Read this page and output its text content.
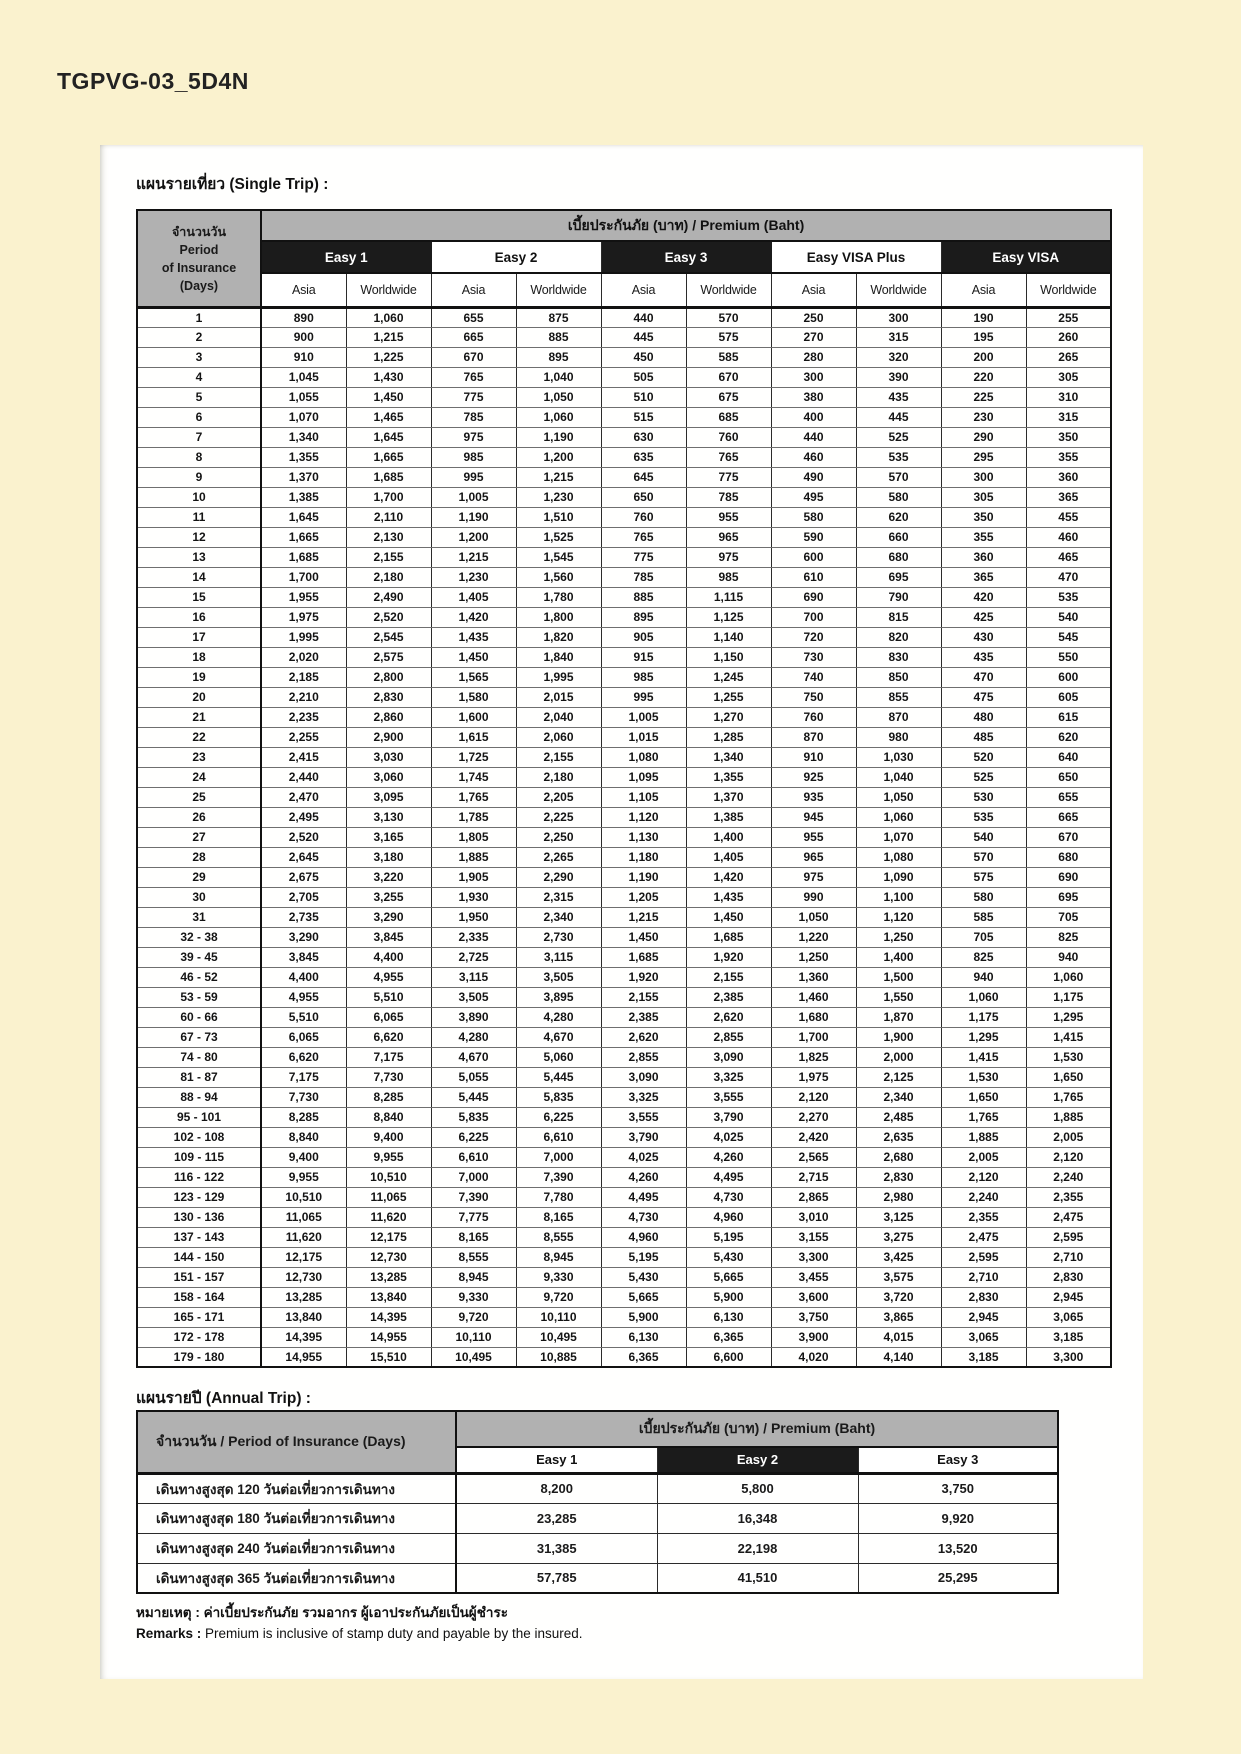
TGPVG-03_5D4N
แผนรายเที่ยว (Single Trip) :
จำนวนวัน
Period
of Insurance
(Days)	เบี้ยประกันภัย (บาท) / Premium (Baht)									
	Easy 1		Easy 2		Easy 3		Easy VISA Plus		Easy VISA	
	Asia	Worldwide	Asia	Worldwide	Asia	Worldwide	Asia	Worldwide	Asia	Worldwide
1	890	1,060	655	875	440	570	250	300	190	255
2	900	1,215	665	885	445	575	270	315	195	260
3	910	1,225	670	895	450	585	280	320	200	265
4	1,045	1,430	765	1,040	505	670	300	390	220	305
5	1,055	1,450	775	1,050	510	675	380	435	225	310
6	1,070	1,465	785	1,060	515	685	400	445	230	315
7	1,340	1,645	975	1,190	630	760	440	525	290	350
8	1,355	1,665	985	1,200	635	765	460	535	295	355
9	1,370	1,685	995	1,215	645	775	490	570	300	360
10	1,385	1,700	1,005	1,230	650	785	495	580	305	365
11	1,645	2,110	1,190	1,510	760	955	580	620	350	455
12	1,665	2,130	1,200	1,525	765	965	590	660	355	460
13	1,685	2,155	1,215	1,545	775	975	600	680	360	465
14	1,700	2,180	1,230	1,560	785	985	610	695	365	470
15	1,955	2,490	1,405	1,780	885	1,115	690	790	420	535
16	1,975	2,520	1,420	1,800	895	1,125	700	815	425	540
17	1,995	2,545	1,435	1,820	905	1,140	720	820	430	545
18	2,020	2,575	1,450	1,840	915	1,150	730	830	435	550
19	2,185	2,800	1,565	1,995	985	1,245	740	850	470	600
20	2,210	2,830	1,580	2,015	995	1,255	750	855	475	605
21	2,235	2,860	1,600	2,040	1,005	1,270	760	870	480	615
22	2,255	2,900	1,615	2,060	1,015	1,285	870	980	485	620
23	2,415	3,030	1,725	2,155	1,080	1,340	910	1,030	520	640
24	2,440	3,060	1,745	2,180	1,095	1,355	925	1,040	525	650
25	2,470	3,095	1,765	2,205	1,105	1,370	935	1,050	530	655
26	2,495	3,130	1,785	2,225	1,120	1,385	945	1,060	535	665
27	2,520	3,165	1,805	2,250	1,130	1,400	955	1,070	540	670
28	2,645	3,180	1,885	2,265	1,180	1,405	965	1,080	570	680
29	2,675	3,220	1,905	2,290	1,190	1,420	975	1,090	575	690
30	2,705	3,255	1,930	2,315	1,205	1,435	990	1,100	580	695
31	2,735	3,290	1,950	2,340	1,215	1,450	1,050	1,120	585	705
32 - 38	3,290	3,845	2,335	2,730	1,450	1,685	1,220	1,250	705	825
39 - 45	3,845	4,400	2,725	3,115	1,685	1,920	1,250	1,400	825	940
46 - 52	4,400	4,955	3,115	3,505	1,920	2,155	1,360	1,500	940	1,060
53 - 59	4,955	5,510	3,505	3,895	2,155	2,385	1,460	1,550	1,060	1,175
60 - 66	5,510	6,065	3,890	4,280	2,385	2,620	1,680	1,870	1,175	1,295
67 - 73	6,065	6,620	4,280	4,670	2,620	2,855	1,700	1,900	1,295	1,415
74 - 80	6,620	7,175	4,670	5,060	2,855	3,090	1,825	2,000	1,415	1,530
81 - 87	7,175	7,730	5,055	5,445	3,090	3,325	1,975	2,125	1,530	1,650
88 - 94	7,730	8,285	5,445	5,835	3,325	3,555	2,120	2,340	1,650	1,765
95 - 101	8,285	8,840	5,835	6,225	3,555	3,790	2,270	2,485	1,765	1,885
102 - 108	8,840	9,400	6,225	6,610	3,790	4,025	2,420	2,635	1,885	2,005
109 - 115	9,400	9,955	6,610	7,000	4,025	4,260	2,565	2,680	2,005	2,120
116 - 122	9,955	10,510	7,000	7,390	4,260	4,495	2,715	2,830	2,120	2,240
123 - 129	10,510	11,065	7,390	7,780	4,495	4,730	2,865	2,980	2,240	2,355
130 - 136	11,065	11,620	7,775	8,165	4,730	4,960	3,010	3,125	2,355	2,475
137 - 143	11,620	12,175	8,165	8,555	4,960	5,195	3,155	3,275	2,475	2,595
144 - 150	12,175	12,730	8,555	8,945	5,195	5,430	3,300	3,425	2,595	2,710
151 - 157	12,730	13,285	8,945	9,330	5,430	5,665	3,455	3,575	2,710	2,830
158 - 164	13,285	13,840	9,330	9,720	5,665	5,900	3,600	3,720	2,830	2,945
165 - 171	13,840	14,395	9,720	10,110	5,900	6,130	3,750	3,865	2,945	3,065
172 - 178	14,395	14,955	10,110	10,495	6,130	6,365	3,900	4,015	3,065	3,185
179 - 180	14,955	15,510	10,495	10,885	6,365	6,600	4,020	4,140	3,185	3,300
แผนรายปี (Annual Trip) :
จำนวนวัน / Period of Insurance (Days)	เบี้ยประกันภัย (บาท) / Premium (Baht)		
	Easy 1	Easy 2	Easy 3
เดินทางสูงสุด 120 วันต่อเที่ยวการเดินทาง	8,200	5,800	3,750
เดินทางสูงสุด 180 วันต่อเที่ยวการเดินทาง	23,285	16,348	9,920
เดินทางสูงสุด 240 วันต่อเที่ยวการเดินทาง	31,385	22,198	13,520
เดินทางสูงสุด 365 วันต่อเที่ยวการเดินทาง	57,785	41,510	25,295
หมายเหตุ : ค่าเบี้ยประกันภัย รวมอากร ผู้เอาประกันภัยเป็นผู้ชำระ
Remarks : Premium is inclusive of stamp duty and payable by the insured.
